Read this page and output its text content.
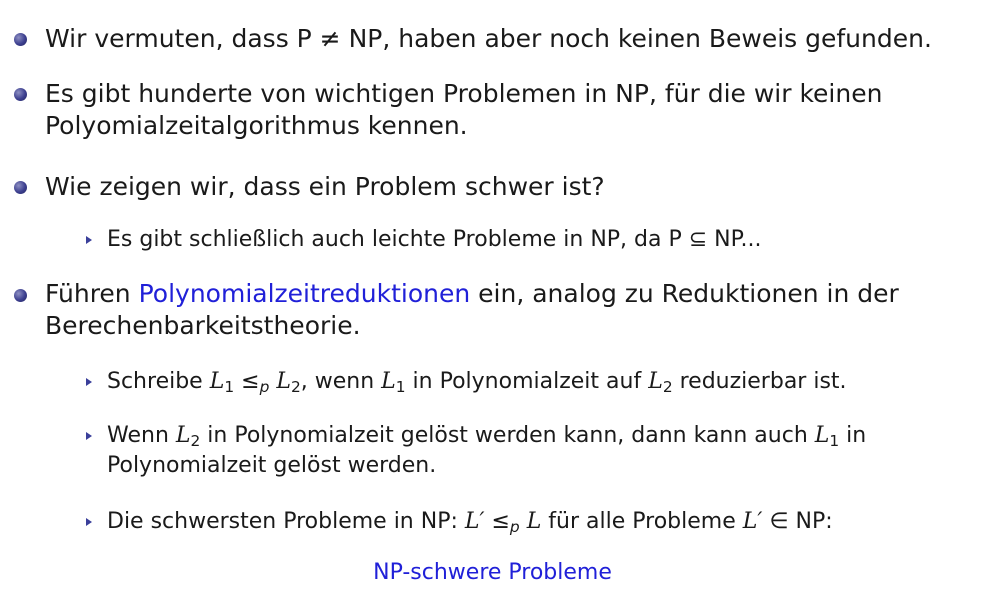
Wir vermuten, dass P ≠ NP, haben aber noch keinen Beweis gefunden.
Es gibt hunderte von wichtigen Problemen in NP, für die wir keinen Polyomialzeitalgorithmus kennen.
Wie zeigen wir, dass ein Problem schwer ist?
Es gibt schließlich auch leichte Probleme in NP, da P ⊆ NP...
Führen Polynomialzeitreduktionen ein, analog zu Reduktionen in der Berechenbarkeitstheorie.
Schreibe $L_1 \le_p$ $L_2$, wenn $L_1$ in Polynomialzeit auf $L_2$ reduzierbar ist.
Wenn $L_2$ in Polynomialzeit gelöst werden kann, dann kann auch $L_1$ in Polynomialzeit gelöst werden.
Die schwersten Probleme in NP: $L' \le_p$ L für alle Probleme L′ ∈ NP:
NP-schwere Probleme
